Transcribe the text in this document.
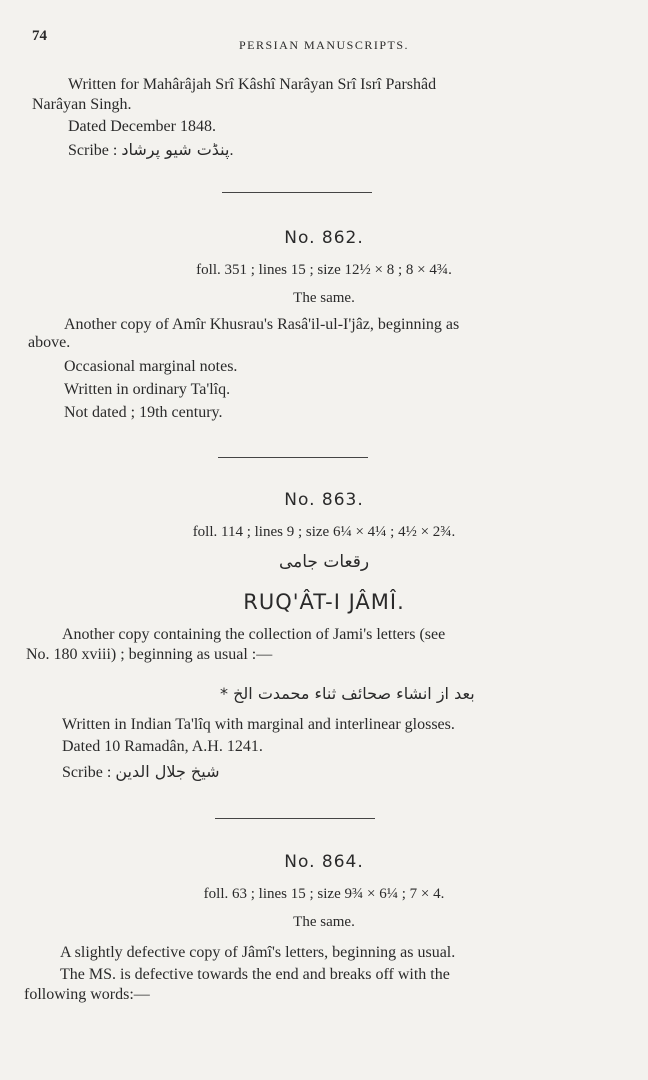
74
PERSIAN MANUSCRIPTS.
Written for Mahârâjah Srî Kâshî Narâyan Srî Isrî Parshâd
Narâyan Singh.
Dated December 1848.
Scribe : پنڈت شیو پرشاد.
No. 862.
foll. 351 ; lines 15 ; size 12½ × 8 ; 8 × 4¾.
The same.
Another copy of Amîr Khusrau's Rasâ'il-ul-I'jâz, beginning as
above.
Occasional marginal notes.
Written in ordinary Ta'lîq.
Not dated ; 19th century.
No. 863.
foll. 114 ; lines 9 ; size 6¼ × 4¼ ; 4½ × 2¾.
رقعات جامی
RUQ'ÂT-I JÂMÎ.
Another copy containing the collection of Jami's letters (see
No. 180 xviii) ; beginning as usual :—
بعد از انشاء صحائف ثناء محمدت الخ *
Written in Indian Ta'lîq with marginal and interlinear glosses.
Dated 10 Ramadân, A.H. 1241.
Scribe : شیخ جلال الدین
No. 864.
foll. 63 ; lines 15 ; size 9¾ × 6¼ ; 7 × 4.
The same.
A slightly defective copy of Jâmî's letters, beginning as usual.
The MS. is defective towards the end and breaks off with the
following words:—
